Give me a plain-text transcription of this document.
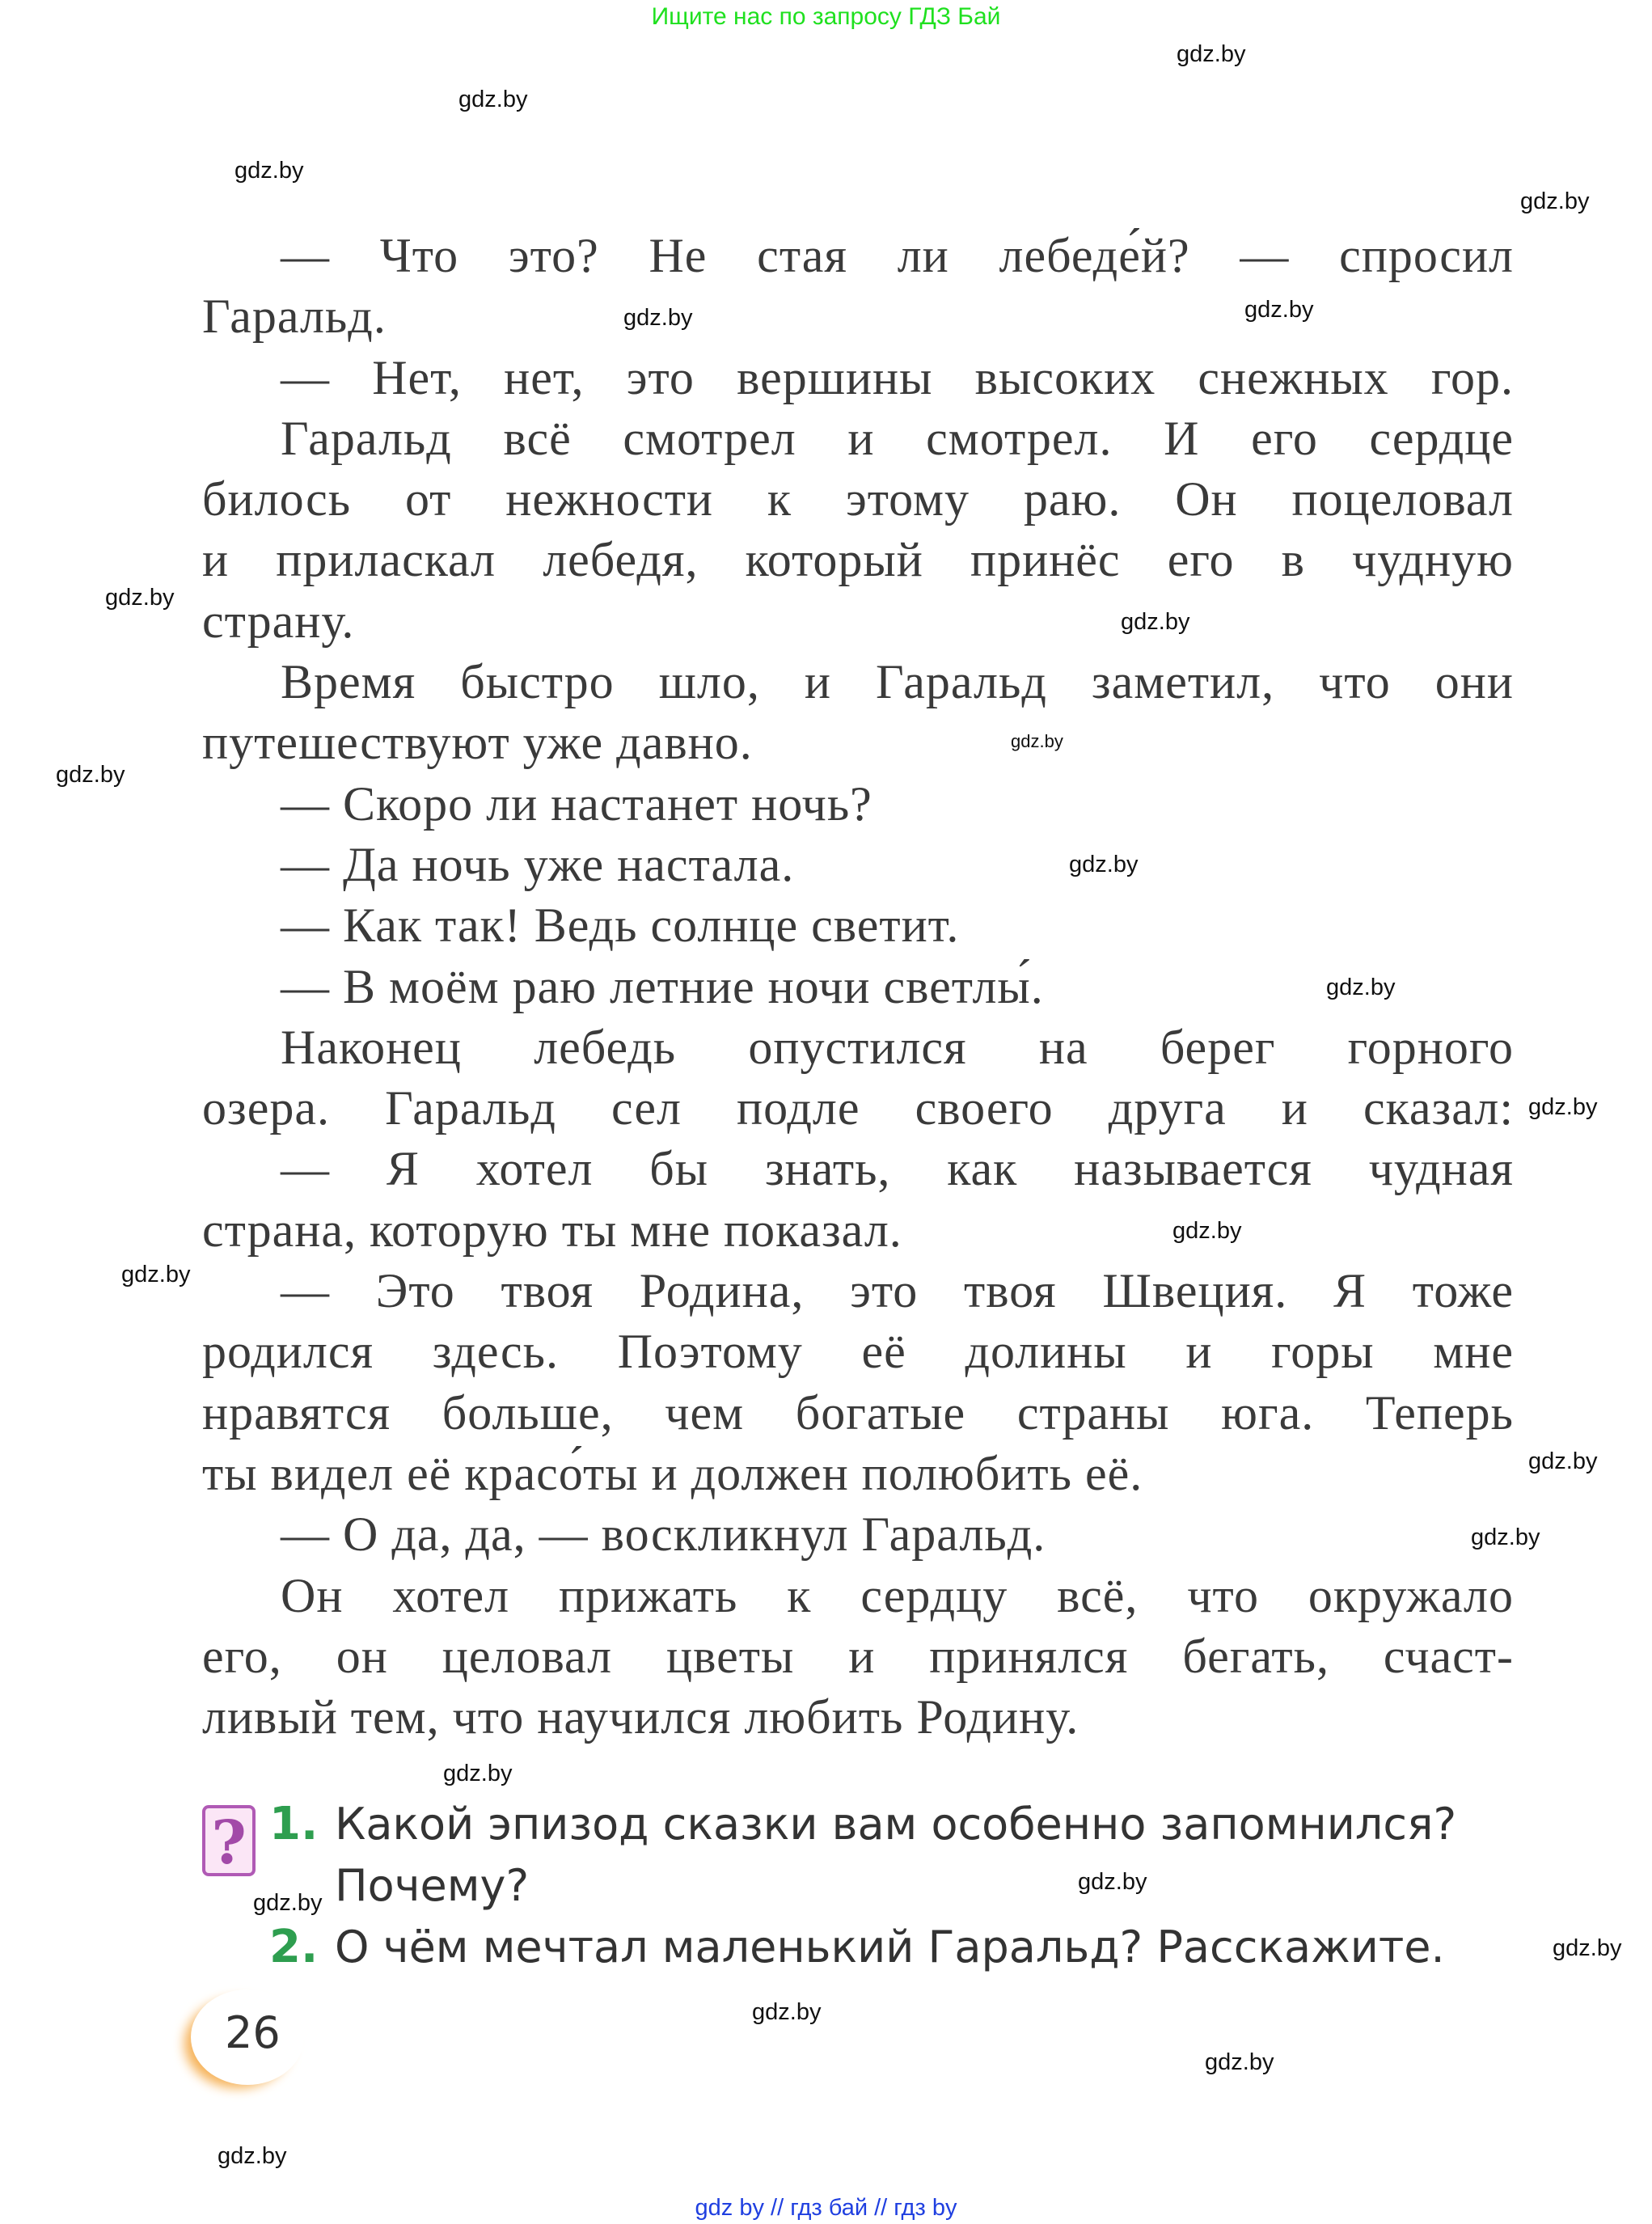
Ищите нас по запросу ГДЗ Бай
— Что это? Не стая ли лебеде́й? — спросил
Гаральд.
— Нет, нет, это вершины высоких снежных гор.
Гаральд всё смотрел и смотрел. И его сердце
билось от нежности к этому раю. Он поцеловал
и приласкал лебедя, который принёс его в чудную
страну.
Время быстро шло, и Гаральд заметил, что они
путешествуют уже давно.
— Скоро ли настанет ночь?
— Да ночь уже настала.
— Как так! Ведь солнце светит.
— В моём раю летние ночи светлы́.
Наконец лебедь опустился на берег горного
озера. Гаральд сел подле своего друга и сказал:
— Я хотел бы знать, как называется чудная
страна, которую ты мне показал.
— Это твоя Родина, это твоя Швеция. Я тоже
родился здесь. Поэтому её долины и горы мне
нравятся больше, чем богатые страны юга. Теперь
ты видел её красо́ты и должен полюбить её.
— О да, да, — воскликнул Гаральд.
Он хотел прижать к сердцу всё, что окружало
его, он целовал цветы и принялся бегать, счаст-
ливый тем, что научился любить Родину.
? 1. Какой эпизод сказки вам особенно запомнился?
Почему?
2. О чём мечтал маленький Гаральд? Расскажите.
26
gdz by // гдз бай // гдз by
gdz.by
gdz.by
gdz.by
gdz.by
gdz.by
gdz.by
gdz.by
gdz.by
gdz.by
gdz.by
gdz.by
gdz.by
gdz.by
gdz.by
gdz.by
gdz.by
gdz.by
gdz.by
gdz.by
gdz.by
gdz.by
gdz.by
gdz.by
gdz.by
